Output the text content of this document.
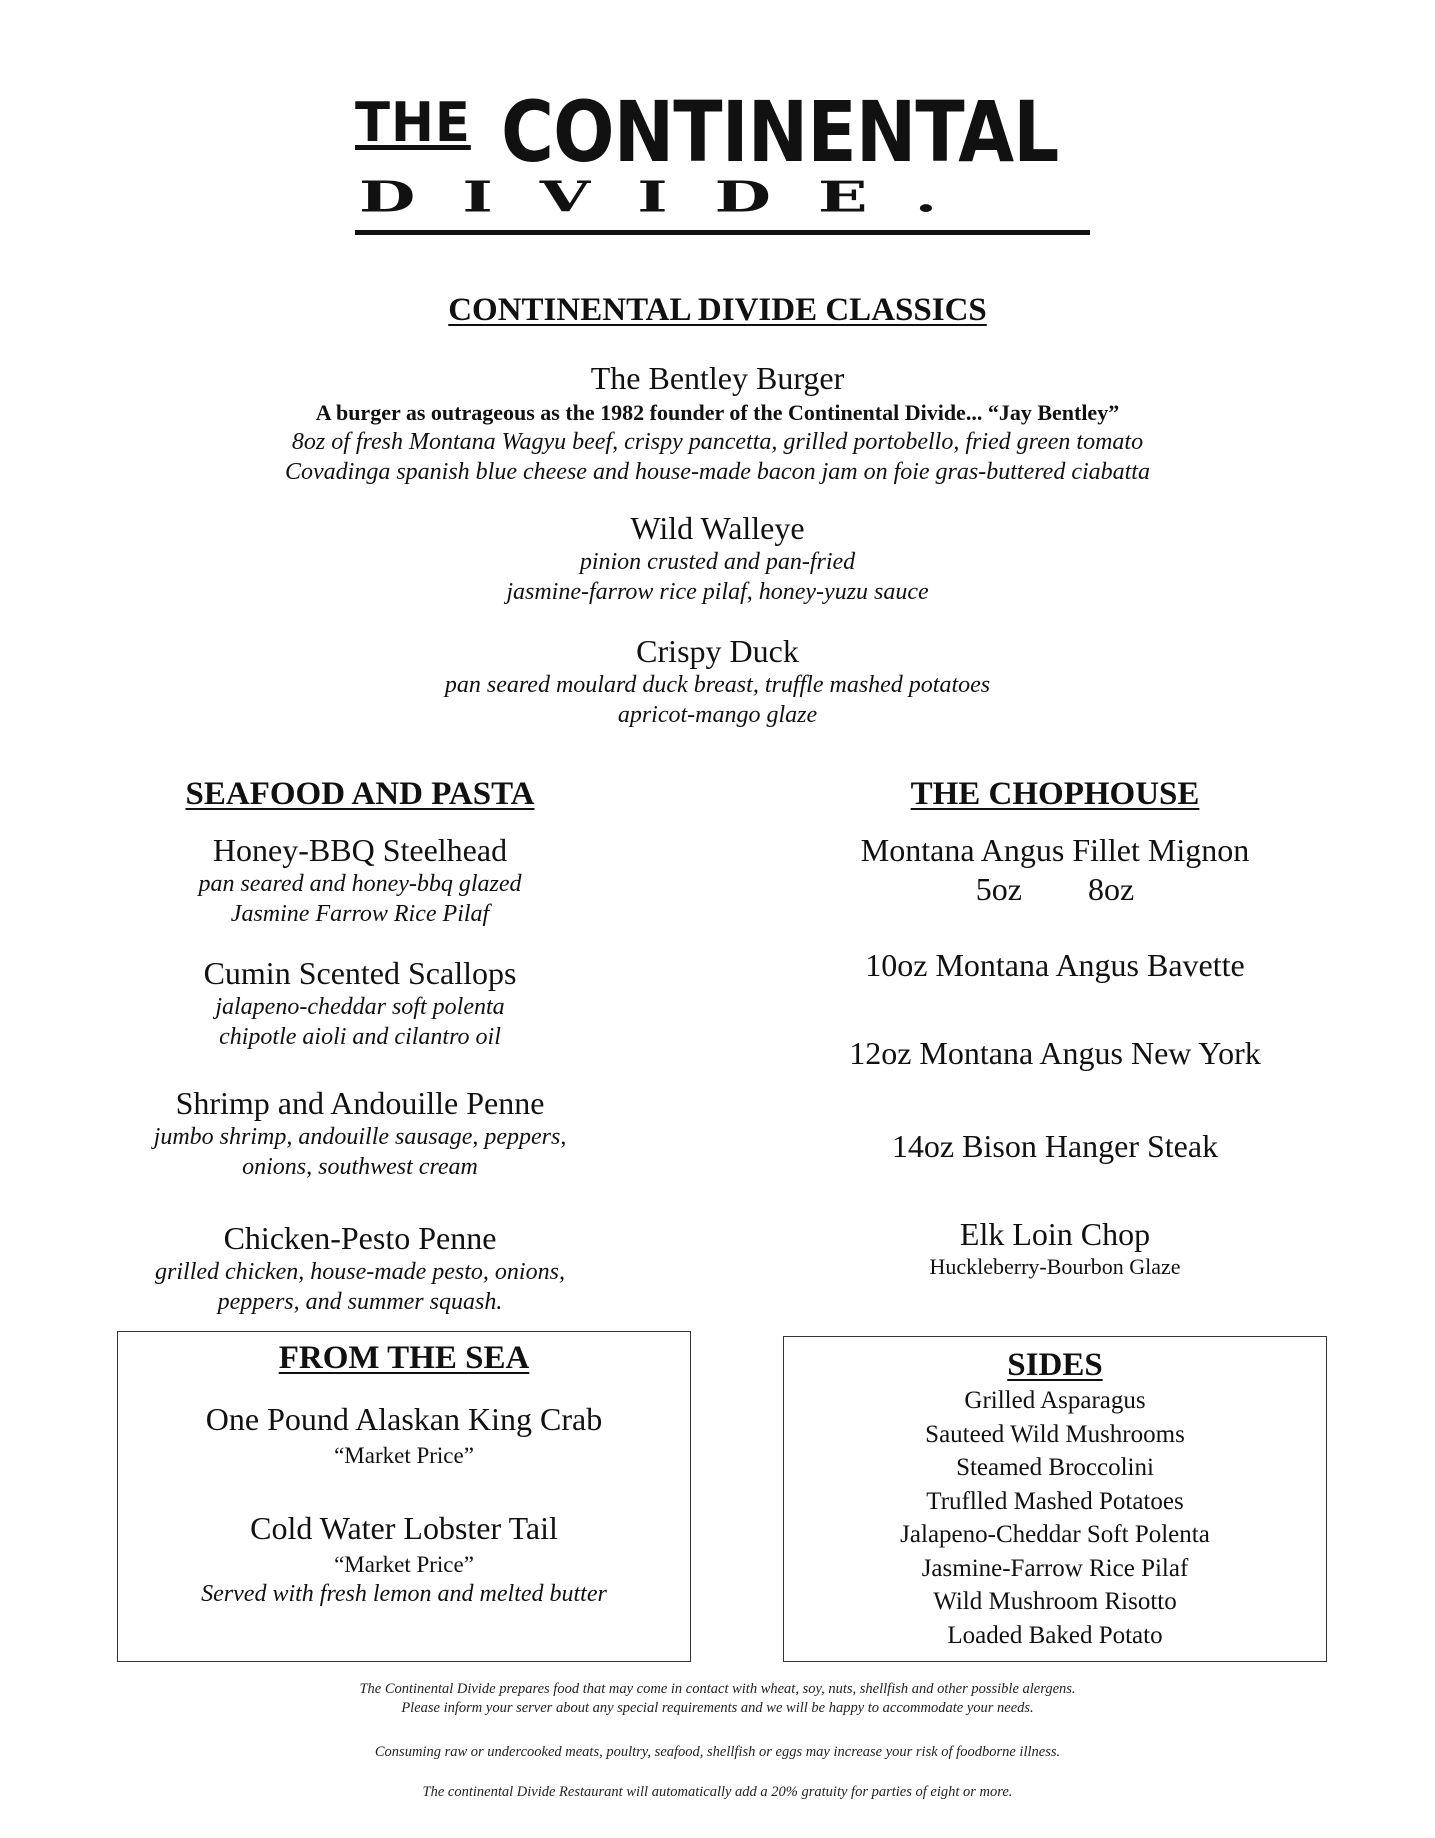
THE CONTINENTAL
DIVIDE.
CONTINENTAL DIVIDE CLASSICS
The Bentley Burger
A burger as outrageous as the 1982 founder of the Continental Divide... “Jay Bentley”
8oz of fresh Montana Wagyu beef, crispy pancetta, grilled portobello, fried green tomato
Covadinga spanish blue cheese and house-made bacon jam on foie gras-buttered ciabatta
Wild Walleye
pinion crusted and pan-fried
jasmine-farrow rice pilaf, honey-yuzu sauce
Crispy Duck
pan seared moulard duck breast, truffle mashed potatoes
apricot-mango glaze
SEAFOOD AND PASTA
Honey-BBQ Steelhead
pan seared and honey-bbq glazed
Jasmine Farrow Rice Pilaf
Cumin Scented Scallops
jalapeno-cheddar soft polenta
chipotle aioli and cilantro oil
Shrimp and Andouille Penne
jumbo shrimp, andouille sausage, peppers,
onions, southwest cream
Chicken-Pesto Penne
grilled chicken, house-made pesto, onions,
peppers, and summer squash.
THE CHOPHOUSE
Montana Angus Fillet Mignon
5oz 8oz
10oz Montana Angus Bavette
12oz Montana Angus New York
14oz Bison Hanger Steak
Elk Loin Chop
Huckleberry-Bourbon Glaze
FROM THE SEA
One Pound Alaskan King Crab
“Market Price”
Cold Water Lobster Tail
“Market Price”
Served with fresh lemon and melted butter
SIDES
Grilled Asparagus
Sauteed Wild Mushrooms
Steamed Broccolini
Truflled Mashed Potatoes
Jalapeno-Cheddar Soft Polenta
Jasmine-Farrow Rice Pilaf
Wild Mushroom Risotto
Loaded Baked Potato
The Continental Divide prepares food that may come in contact with wheat, soy, nuts, shellfish and other possible alergens.
Please inform your server about any special requirements and we will be happy to accommodate your needs.
Consuming raw or undercooked meats, poultry, seafood, shellfish or eggs may increase your risk of foodborne illness.
The continental Divide Restaurant will automatically add a 20% gratuity for parties of eight or more.
